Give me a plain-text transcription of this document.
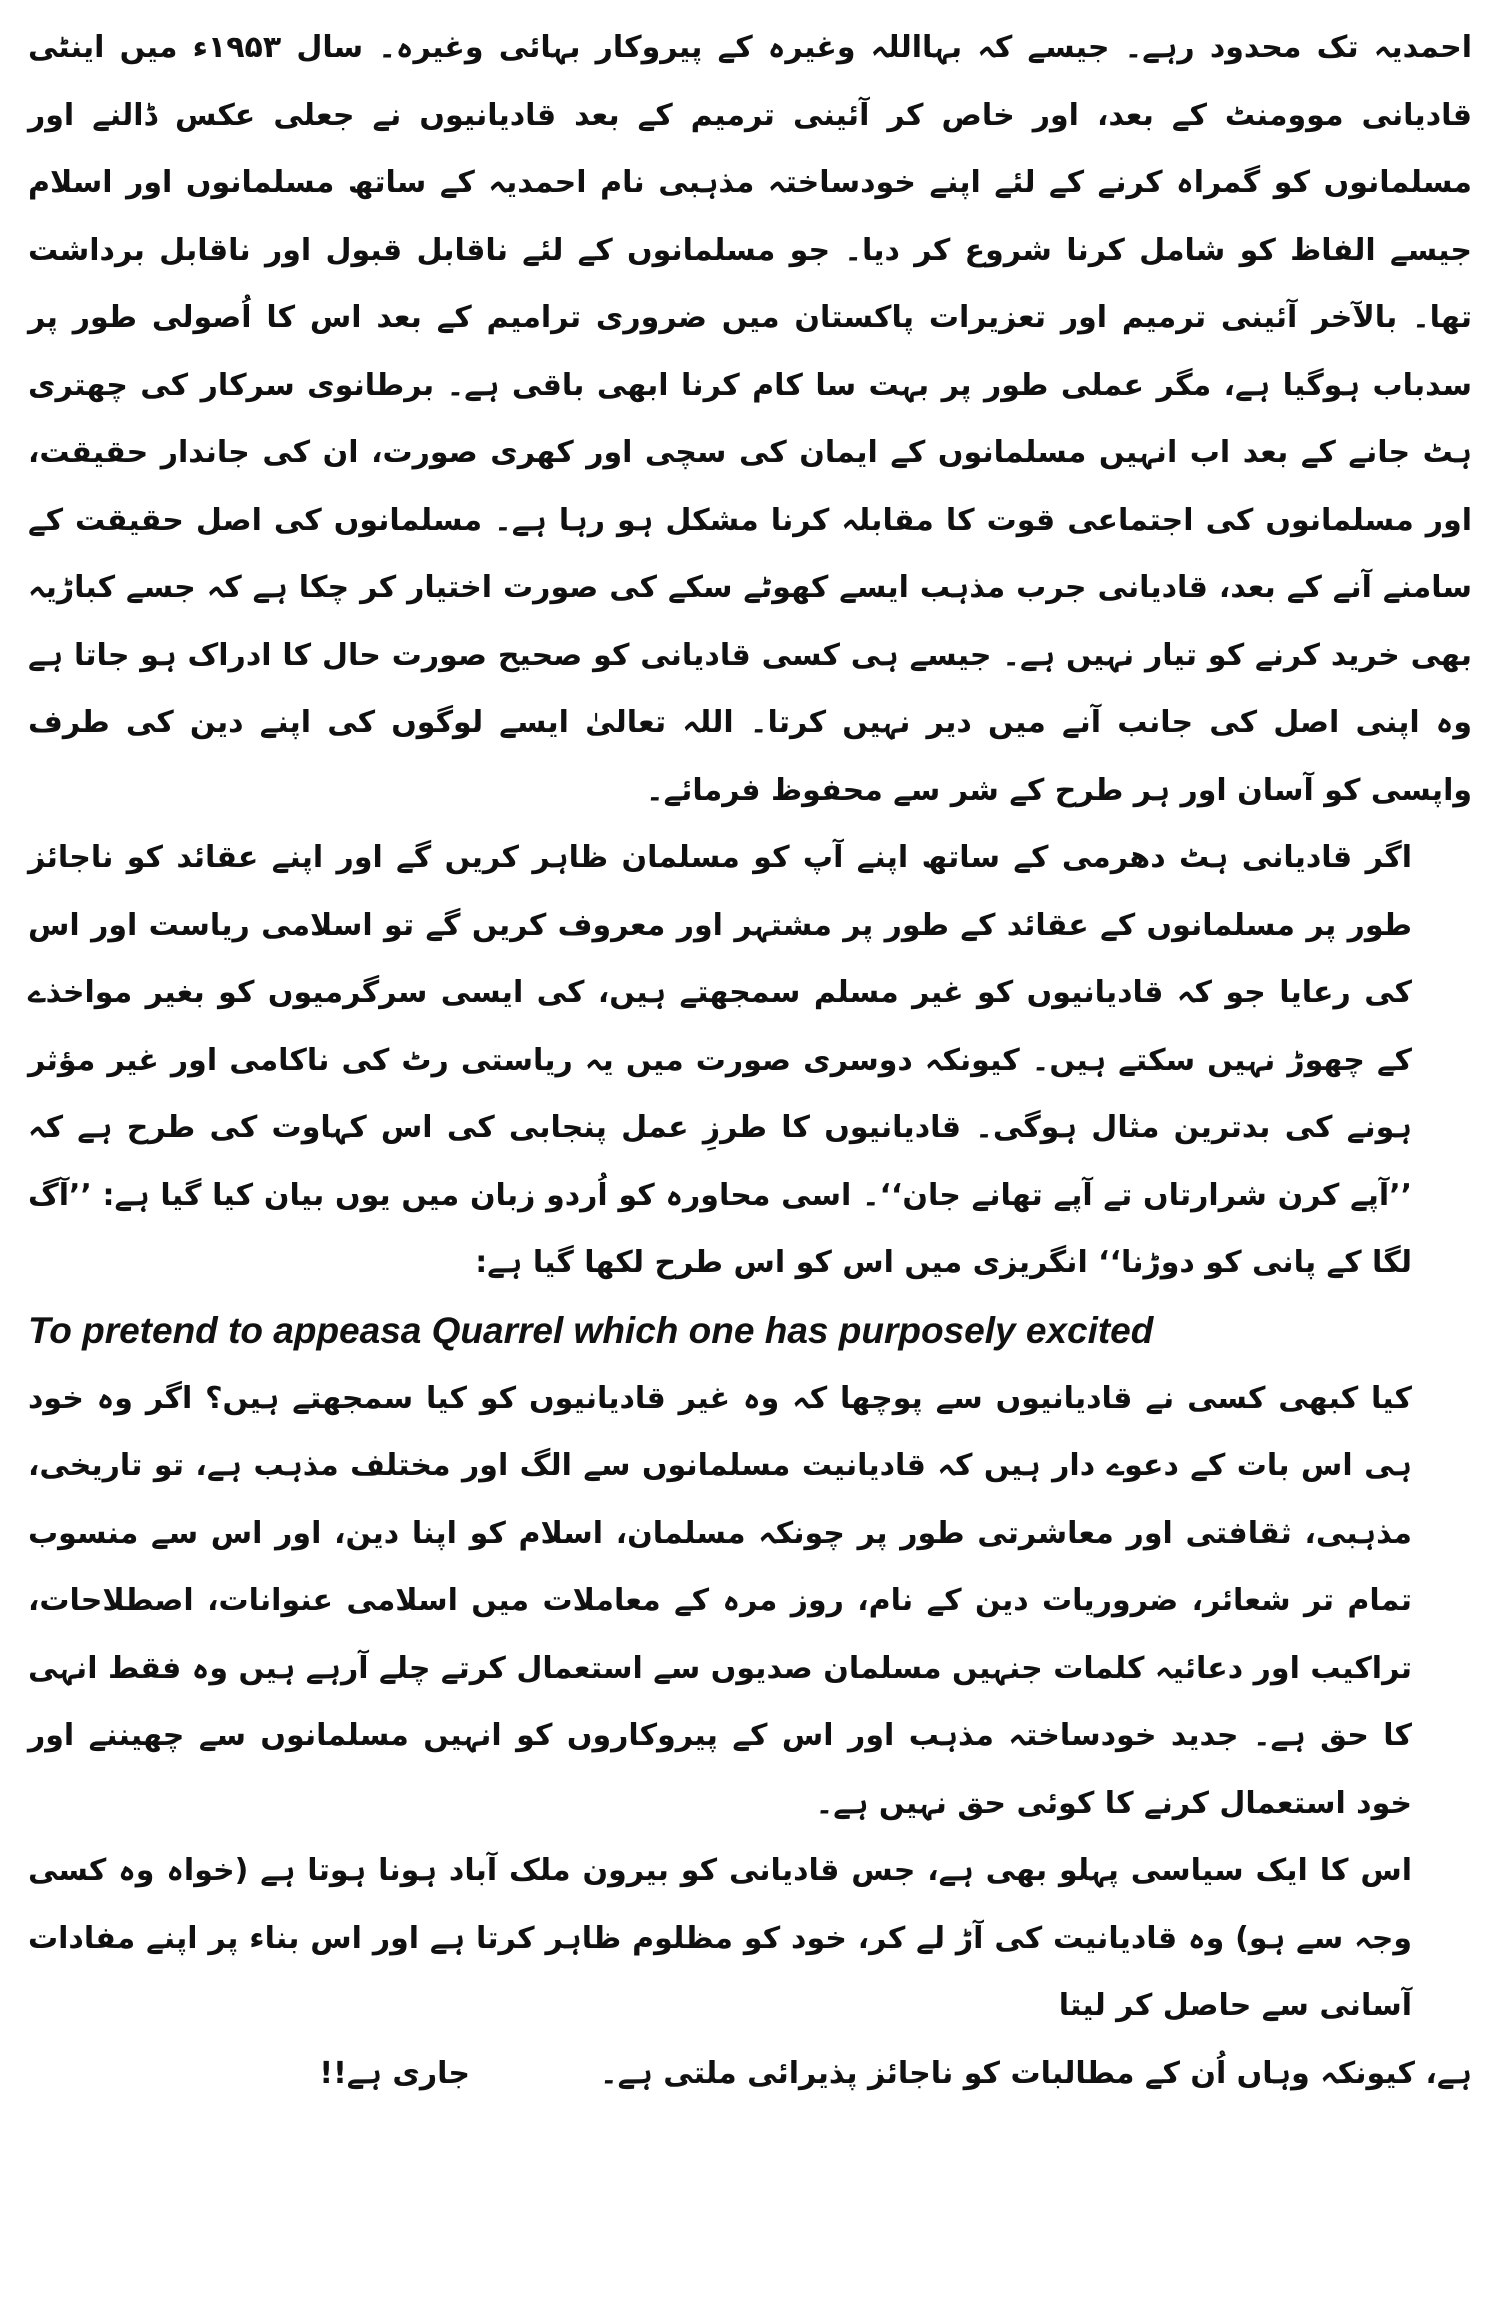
احمدیہ تک محدود رہے۔ جیسے کہ بہااللہ وغیرہ کے پیروکار بہائی وغیرہ۔ سال ۱۹۵۳ء میں اینٹی قادیانی موومنٹ کے بعد، اور خاص کر آئینی ترمیم کے بعد قادیانیوں نے جعلی عکس ڈالنے اور مسلمانوں کو گمراہ کرنے کے لئے اپنے خودساختہ مذہبی نام احمدیہ کے ساتھ مسلمانوں اور اسلام جیسے الفاظ کو شامل کرنا شروع کر دیا۔ جو مسلمانوں کے لئے ناقابل قبول اور ناقابل برداشت تھا۔ بالآخر آئینی ترمیم اور تعزیرات پاکستان میں ضروری ترامیم کے بعد اس کا اُصولی طور پر سدباب ہوگیا ہے، مگر عملی طور پر بہت سا کام کرنا ابھی باقی ہے۔ برطانوی سرکار کی چھتری ہٹ جانے کے بعد اب انہیں مسلمانوں کے ایمان کی سچی اور کھری صورت، ان کی جاندار حقیقت، اور مسلمانوں کی اجتماعی قوت کا مقابلہ کرنا مشکل ہو رہا ہے۔ مسلمانوں کی اصل حقیقت کے سامنے آنے کے بعد، قادیانی جرب مذہب ایسے کھوٹے سکے کی صورت اختیار کر چکا ہے کہ جسے کباڑیہ بھی خرید کرنے کو تیار نہیں ہے۔ جیسے ہی کسی قادیانی کو صحیح صورت حال کا ادراک ہو جاتا ہے وہ اپنی اصل کی جانب آنے میں دیر نہیں کرتا۔ اللہ تعالیٰ ایسے لوگوں کی اپنے دین کی طرف واپسی کو آسان اور ہر طرح کے شر سے محفوظ فرمائے۔

اگر قادیانی ہٹ دھرمی کے ساتھ اپنے آپ کو مسلمان ظاہر کریں گے اور اپنے عقائد کو ناجائز طور پر مسلمانوں کے عقائد کے طور پر مشتہر اور معروف کریں گے تو اسلامی ریاست اور اس کی رعایا جو کہ قادیانیوں کو غیر مسلم سمجھتے ہیں، کی ایسی سرگرمیوں کو بغیر مواخذے کے چھوڑ نہیں سکتے ہیں۔ کیونکہ دوسری صورت میں یہ ریاستی رٹ کی ناکامی اور غیر مؤثر ہونے کی بدترین مثال ہوگی۔ قادیانیوں کا طرزِ عمل پنجابی کی اس کہاوت کی طرح ہے کہ ’’آپے کرن شرارتاں تے آپے تھانے جان‘‘۔ اسی محاورہ کو اُردو زبان میں یوں بیان کیا گیا ہے: ’’آگ لگا کے پانی کو دوڑنا‘‘ انگریزی میں اس کو اس طرح لکھا گیا ہے:

To pretend to appeasa Quarrel which one has purposely excited

کیا کبھی کسی نے قادیانیوں سے پوچھا کہ وہ غیر قادیانیوں کو کیا سمجھتے ہیں؟ اگر وہ خود ہی اس بات کے دعوے دار ہیں کہ قادیانیت مسلمانوں سے الگ اور مختلف مذہب ہے، تو تاریخی، مذہبی، ثقافتی اور معاشرتی طور پر چونکہ مسلمان، اسلام کو اپنا دین، اور اس سے منسوب تمام تر شعائر، ضروریات دین کے نام، روز مرہ کے معاملات میں اسلامی عنوانات، اصطلاحات، تراکیب اور دعائیہ کلمات جنہیں مسلمان صدیوں سے استعمال کرتے چلے آرہے ہیں وہ فقط انہی کا حق ہے۔ جدید خودساختہ مذہب اور اس کے پیروکاروں کو انہیں مسلمانوں سے چھیننے اور خود استعمال کرنے کا کوئی حق نہیں ہے۔

اس کا ایک سیاسی پہلو بھی ہے، جس قادیانی کو بیرون ملک آباد ہونا ہوتا ہے (خواہ وہ کسی وجہ سے ہو) وہ قادیانیت کی آڑ لے کر، خود کو مظلوم ظاہر کرتا ہے اور اس بناء پر اپنے مفادات آسانی سے حاصل کر لیتا

ہے، کیونکہ وہاں اُن کے مطالبات کو ناجائز پذیرائی ملتی ہے۔
جاری ہے!!
